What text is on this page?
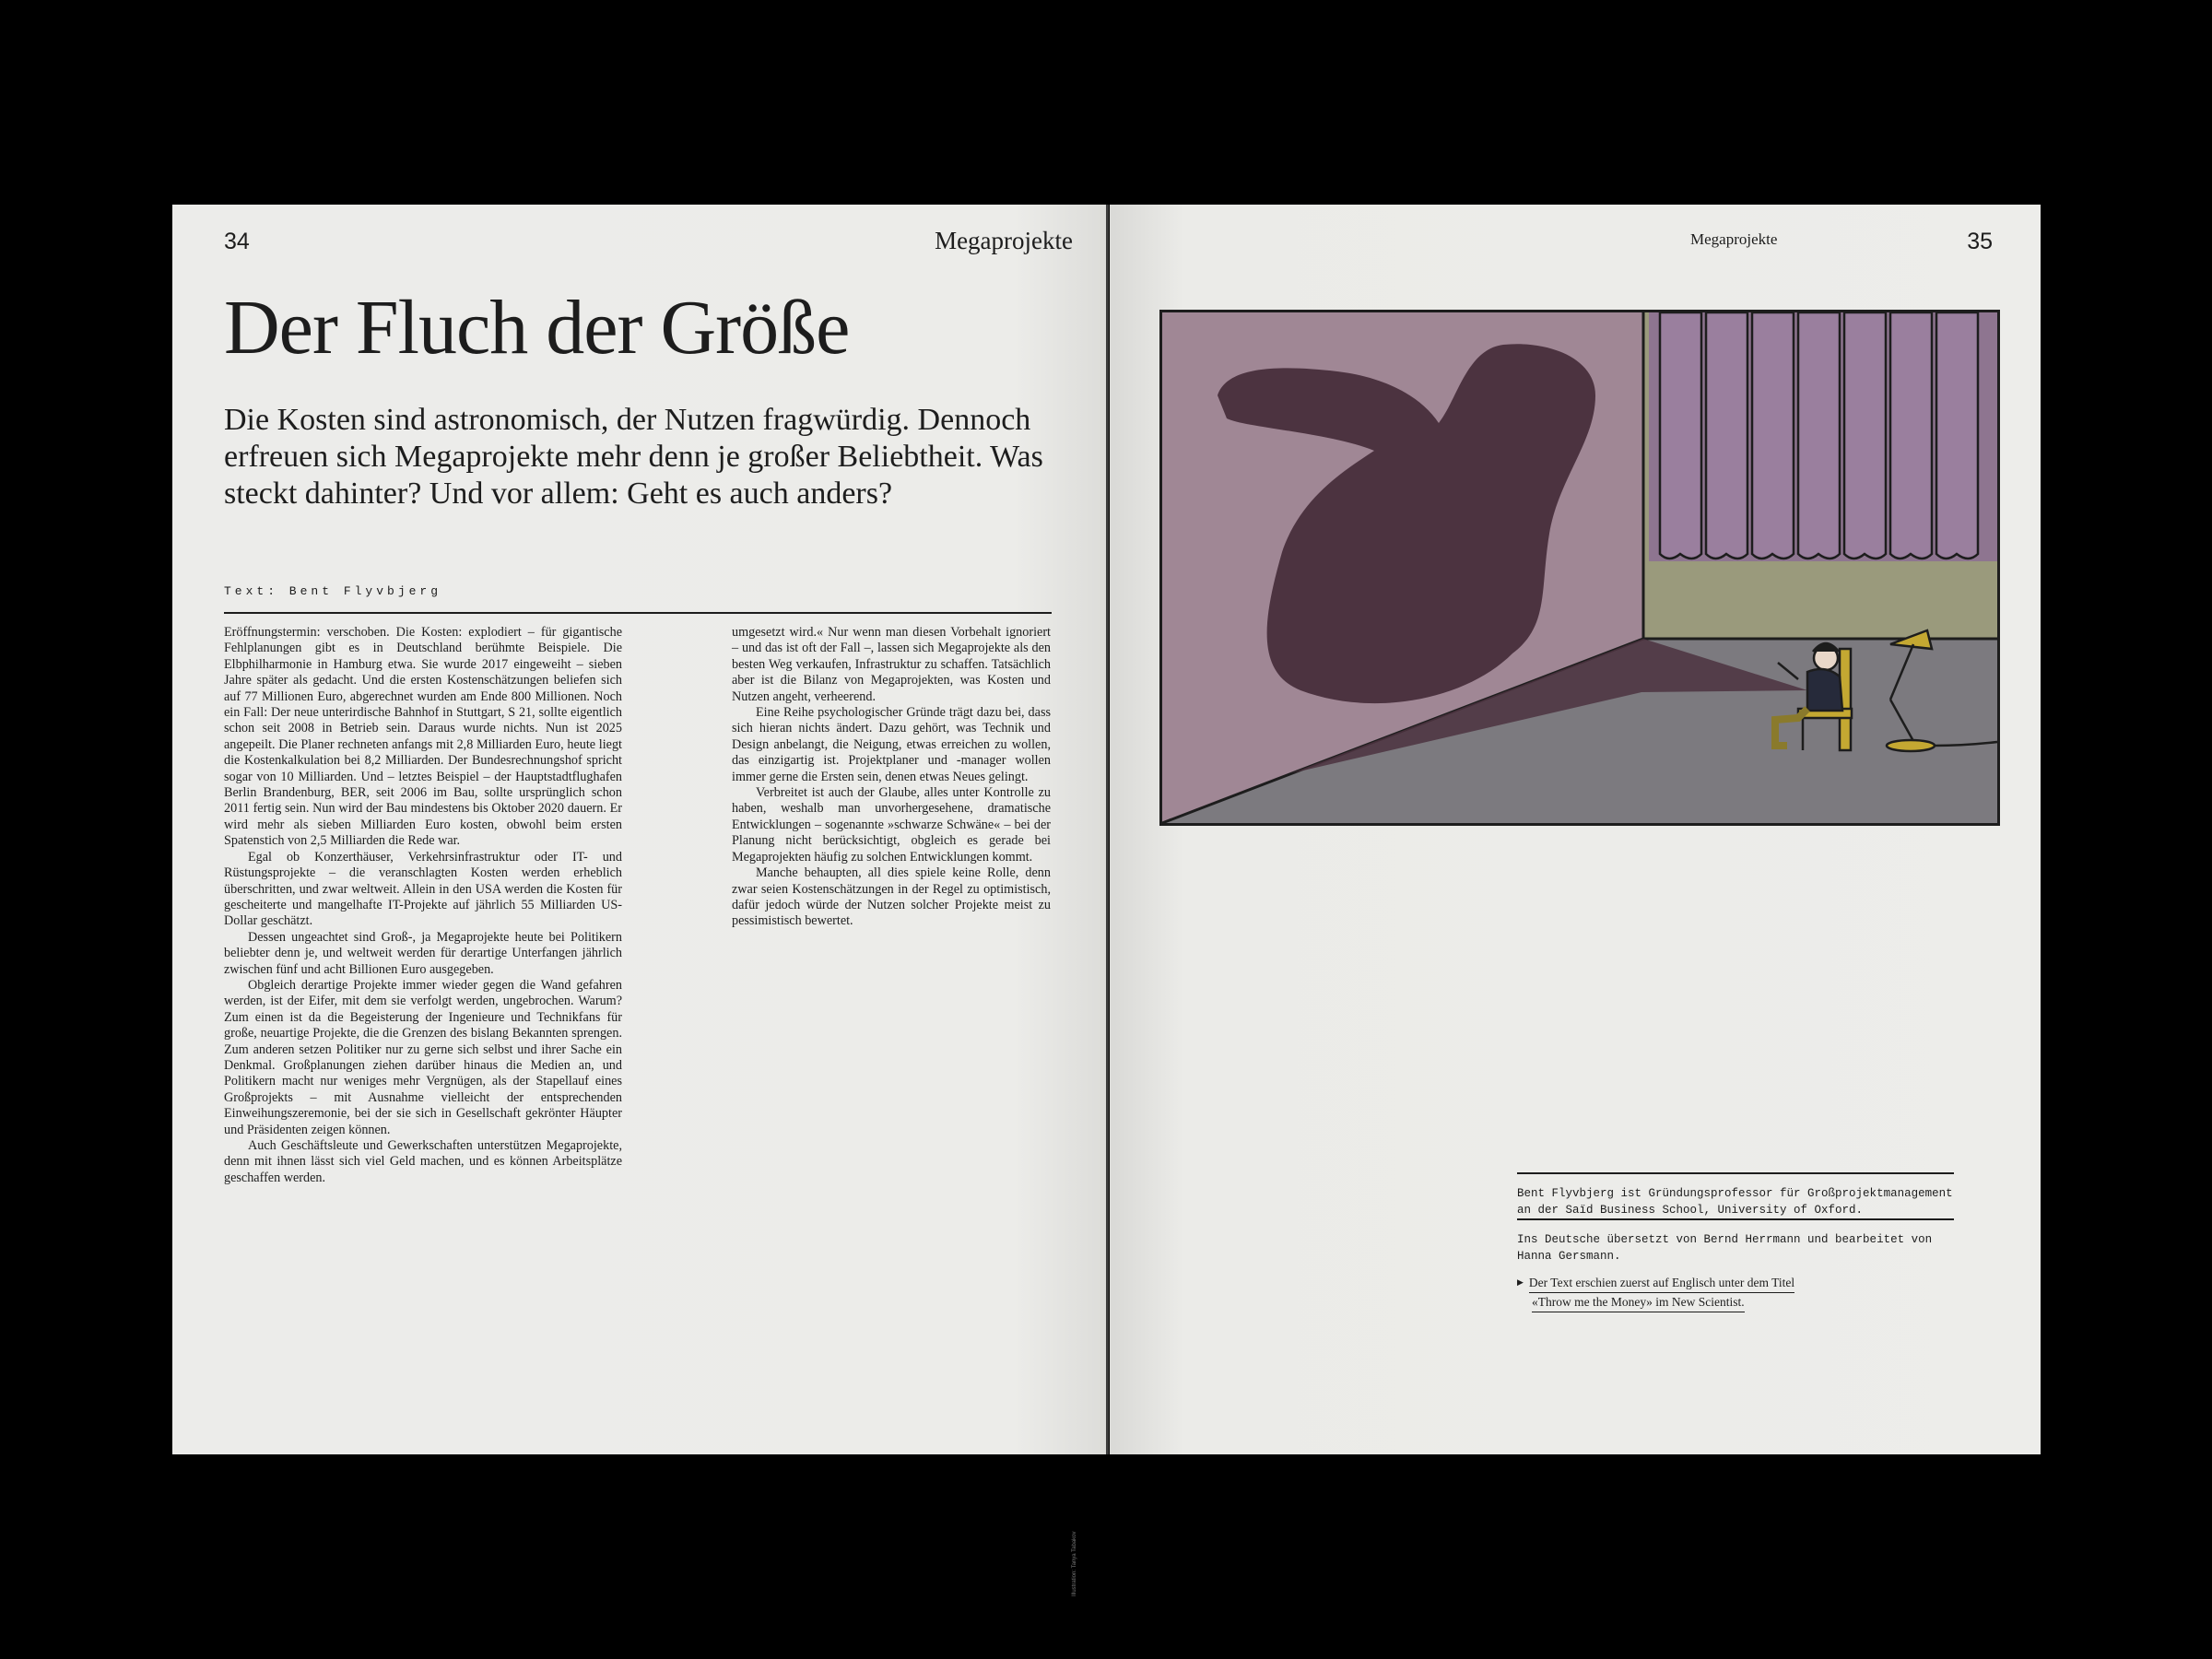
34	Megaprojekte
Der Fluch der Größe

Die Kosten sind astronomisch, der Nutzen fragwürdig. Dennoch erfreuen sich Megaprojekte mehr denn je großer Beliebtheit. Was steckt dahinter? Und vor allem: Geht es auch anders?

Text: Bent Flyvbjerg

Eröffnungstermin: verschoben. Die Kosten: explodiert – für gigantische Fehlplanungen gibt es in Deutschland berühmte Beispiele. Die Elbphilharmonie in Hamburg etwa. Sie wurde 2017 eingeweiht – sieben Jahre später als gedacht. Und die ersten Kostenschätzungen beliefen sich auf 77 Millionen Euro, abgerechnet wurden am Ende 800 Millionen. Noch ein Fall: Der neue unterirdische Bahnhof in Stuttgart, S 21, sollte eigentlich schon seit 2008 in Betrieb sein. Daraus wurde nichts. Nun ist 2025 angepeilt. Die Planer rechneten anfangs mit 2,8 Milliarden Euro, heute liegt die Kostenkalkulation bei 8,2 Milliarden. Der Bundesrechnungshof spricht sogar von 10 Milliarden. Und – letztes Beispiel – der Hauptstadtflughafen Berlin Brandenburg, BER, seit 2006 im Bau, sollte ursprünglich schon 2011 fertig sein. Nun wird der Bau mindestens bis Oktober 2020 dauern. Er wird mehr als sieben Milliarden Euro kosten, obwohl beim ersten Spatenstich von 2,5 Milliarden die Rede war.

Egal ob Konzerthäuser, Verkehrsinfrastruktur oder IT- und Rüstungsprojekte – die veranschlagten Kosten werden erheblich überschritten, und zwar weltweit. Allein in den USA werden die Kosten für gescheiterte und mangelhafte IT-Projekte auf jährlich 55 Milliarden US-Dollar geschätzt.

Dessen ungeachtet sind Groß-, ja Megaprojekte heute bei Politikern beliebter denn je, und weltweit werden für derartige Unterfangen jährlich zwischen fünf und acht Billionen Euro ausgegeben.

Obgleich derartige Projekte immer wieder gegen die Wand gefahren werden, ist der Eifer, mit dem sie verfolgt werden, ungebrochen. Warum? Zum einen ist da die Begeisterung der Ingenieure und Technikfans für große, neuartige Projekte, die die Grenzen des bislang Bekannten sprengen. Zum anderen setzen Politiker nur zu gerne sich selbst und ihrer Sache ein Denkmal. Großplanungen ziehen darüber hinaus die Medien an, und Politikern macht nur weniges mehr Vergnügen, als der Stapellauf eines Großprojekts – mit Ausnahme vielleicht der entsprechenden Einweihungszeremonie, bei der sie sich in Gesellschaft gekrönter Häupter und Präsidenten zeigen können.

Auch Geschäftsleute und Gewerkschaften unterstützen Megaprojekte, denn mit ihnen lässt sich viel Geld machen, und es können Arbeitsplätze geschaffen werden.

umgesetzt wird.« Nur wenn man diesen Vorbehalt ignoriert – und das ist oft der Fall –, lassen sich Megaprojekte als den besten Weg verkaufen, Infrastruktur zu schaffen. Tatsächlich aber ist die Bilanz von Megaprojekten, was Kosten und Nutzen angeht, verheerend.

Eine Reihe psychologischer Gründe trägt dazu bei, dass sich hieran nichts ändert. Dazu gehört, was Technik und Design anbelangt, die Neigung, etwas erreichen zu wollen, das einzigartig ist. Projektplaner und -manager wollen immer gerne die Ersten sein, denen etwas Neues gelingt.

Verbreitet ist auch der Glaube, alles unter Kontrolle zu haben, weshalb man unvorhergesehene, dramatische Entwicklungen – sogenannte »schwarze Schwäne« – bei der Planung nicht berücksichtigt, obgleich es gerade bei Megaprojekten häufig zu solchen Entwicklungen kommt.

Manche behaupten, all dies spiele keine Rolle, denn zwar seien Kostenschätzungen in der Regel zu optimistisch, dafür jedoch würde der Nutzen solcher Projekte meist zu pessimistisch bewertet.

Illustration: Tanya Tabakov
Megaprojekte	35
Bent Flyvbjerg ist Gründungsprofessor für Großprojektmanagement an der Saïd Business School, University of Oxford.
Ins Deutsche übersetzt von Bernd Herrmann und bearbeitet von Hanna Gersmann.
▶ Der Text erschien zuerst auf Englisch unter dem Titel
«Throw me the Money» im New Scientist.
